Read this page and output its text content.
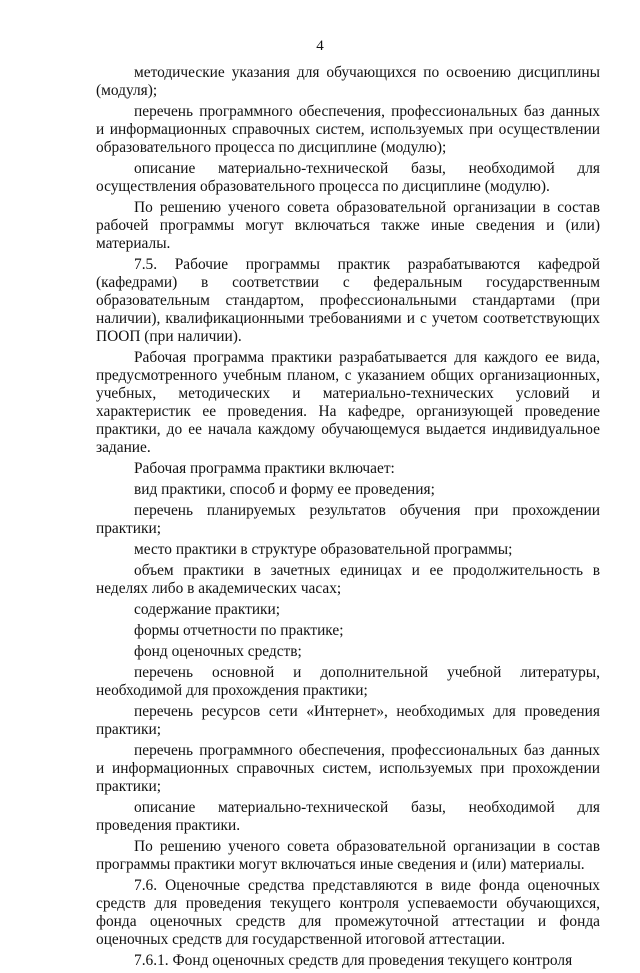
4

методические указания для обучающихся по освоению дисциплины (модуля);

перечень программного обеспечения, профессиональных баз данных и информационных справочных систем, используемых при осуществлении образовательного процесса по дисциплине (модулю);

описание материально-технической базы, необходимой для осуществления образовательного процесса по дисциплине (модулю).

По решению ученого совета образовательной организации в состав рабочей программы могут включаться также иные сведения и (или) материалы.

7.5. Рабочие программы практик разрабатываются кафедрой (кафедрами) в соответствии с федеральным государственным образовательным стандартом, профессиональными стандартами (при наличии), квалификационными требованиями и с учетом соответствующих ПООП (при наличии).

Рабочая программа практики разрабатывается для каждого ее вида, предусмотренного учебным планом, с указанием общих организационных, учебных, методических и материально-технических условий и характеристик ее проведения. На кафедре, организующей проведение практики, до ее начала каждому обучающемуся выдается индивидуальное задание.

Рабочая программа практики включает:

вид практики, способ и форму ее проведения;

перечень планируемых результатов обучения при прохождении практики;

место практики в структуре образовательной программы;

объем практики в зачетных единицах и ее продолжительность в неделях либо в академических часах;

содержание практики;

формы отчетности по практике;

фонд оценочных средств;

перечень основной и дополнительной учебной литературы, необходимой для прохождения практики;

перечень ресурсов сети «Интернет», необходимых для проведения практики;

перечень программного обеспечения, профессиональных баз данных и информационных справочных систем, используемых при прохождении практики;

описание материально-технической базы, необходимой для проведения практики.

По решению ученого совета образовательной организации в состав программы практики могут включаться иные сведения и (или) материалы.

7.6. Оценочные средства представляются в виде фонда оценочных средств для проведения текущего контроля успеваемости обучающихся, фонда оценочных средств для промежуточной аттестации и фонда оценочных средств для государственной итоговой аттестации.

7.6.1. Фонд оценочных средств для проведения текущего контроля
